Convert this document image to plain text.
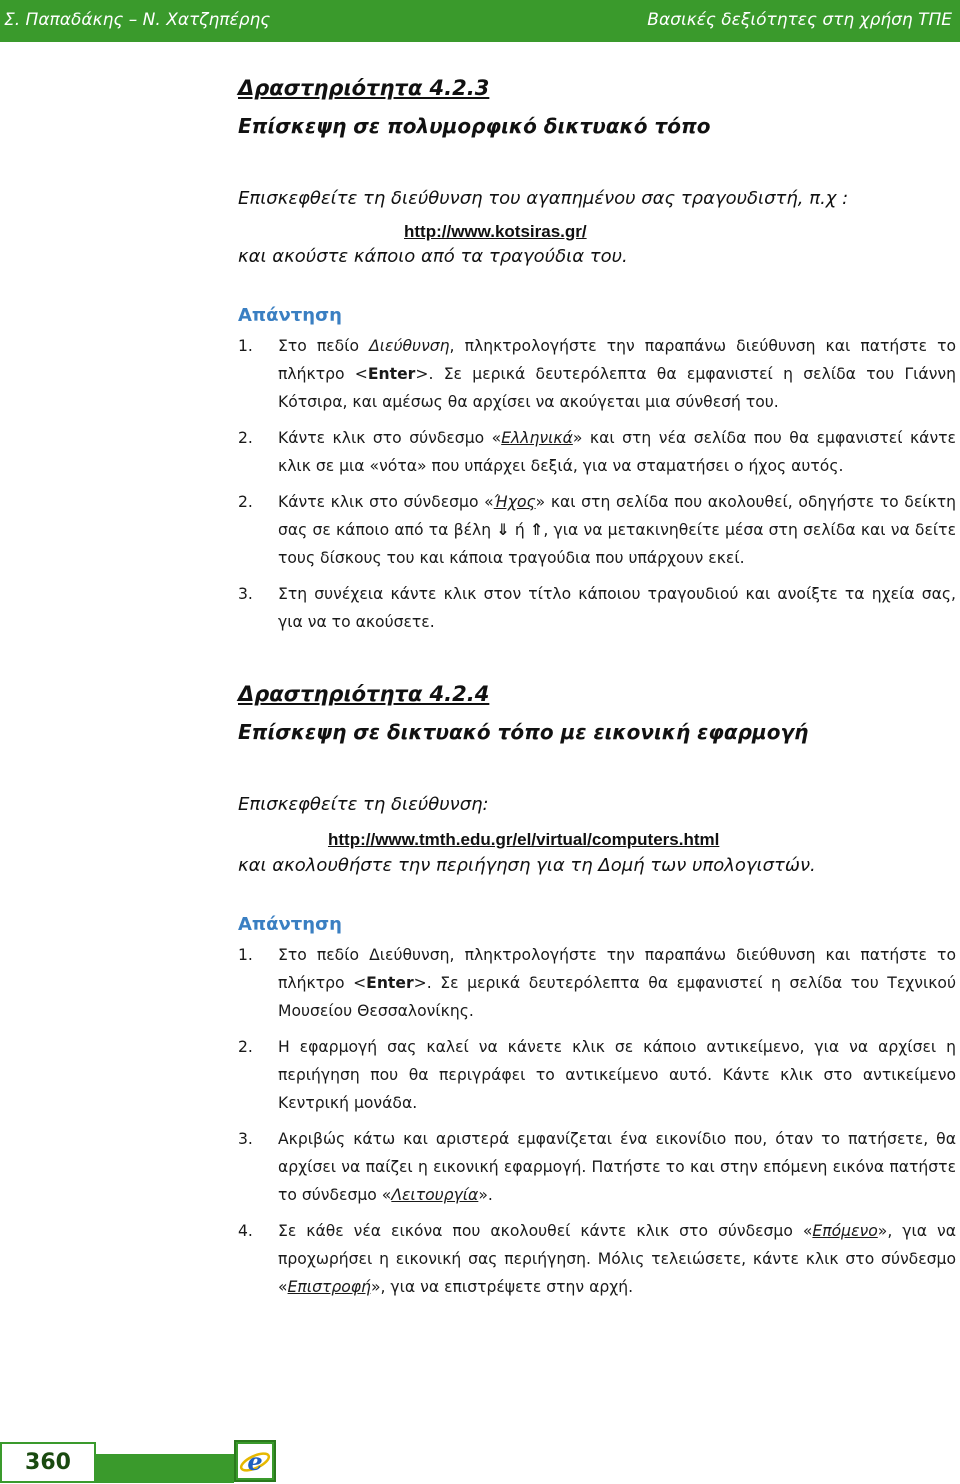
Σ. Παπαδάκης – Ν. Χατζηπέρης	Βασικές δεξιότητες στη χρήση ΤΠΕ

Δραστηριότητα 4.2.3

Επίσκεψη σε πολυμορφικό δικτυακό τόπο

Επισκεφθείτε τη διεύθυνση του αγαπημένου σας τραγουδιστή, π.χ :

http://www.kotsiras.gr/

και ακούστε κάποιο από τα τραγούδια του.

Απάντηση

1. Στο πεδίο Διεύθυνση, πληκτρολογήστε την παραπάνω διεύθυνση και πατήστε το πλήκτρο <Enter>. Σε μερικά δευτερόλεπτα θα εμφανιστεί η σελίδα του Γιάννη Κότσιρα, και αμέσως θα αρχίσει να ακούγεται μια σύνθεσή του.
2. Κάντε κλικ στο σύνδεσμο «Ελληνικά» και στη νέα σελίδα που θα εμφανιστεί κάντε κλικ σε μια «νότα» που υπάρχει δεξιά, για να σταματήσει ο ήχος αυτός.
2. Κάντε κλικ στο σύνδεσμο «Ήχος» και στη σελίδα που ακολουθεί, οδηγήστε το δείκτη σας σε κάποιο από τα βέλη ⇓ ή ⇑, για να μετακινηθείτε μέσα στη σελίδα και να δείτε τους δίσκους του και κάποια τραγούδια που υπάρχουν εκεί.
3. Στη συνέχεια κάντε κλικ στον τίτλο κάποιου τραγουδιού και ανοίξτε τα ηχεία σας, για να το ακούσετε.

Δραστηριότητα 4.2.4

Επίσκεψη σε δικτυακό τόπο με εικονική εφαρμογή

Επισκεφθείτε τη διεύθυνση:

http://www.tmth.edu.gr/el/virtual/computers.html

και ακολουθήστε την περιήγηση για τη Δομή των υπολογιστών.

Απάντηση

1. Στο πεδίο Διεύθυνση, πληκτρολογήστε την παραπάνω διεύθυνση και πατήστε το πλήκτρο <Enter>. Σε μερικά δευτερόλεπτα θα εμφανιστεί η σελίδα του Τεχνικού Μουσείου Θεσσαλονίκης.
2. Η εφαρμογή σας καλεί να κάνετε κλικ σε κάποιο αντικείμενο, για να αρχίσει η περιήγηση που θα περιγράφει το αντικείμενο αυτό. Κάντε κλικ στο αντικείμενο Κεντρική μονάδα.
3. Ακριβώς κάτω και αριστερά εμφανίζεται ένα εικονίδιο που, όταν το πατήσετε, θα αρχίσει να παίζει η εικονική εφαρμογή. Πατήστε το και στην επόμενη εικόνα πατήστε το σύνδεσμο «Λειτουργία».
4. Σε κάθε νέα εικόνα που ακολουθεί κάντε κλικ στο σύνδεσμο «Επόμενο», για να προχωρήσει η εικονική σας περιήγηση. Μόλις τελειώσετε, κάντε κλικ στο σύνδεσμο «Επιστροφή», για να επιστρέψετε στην αρχή.
360	e
